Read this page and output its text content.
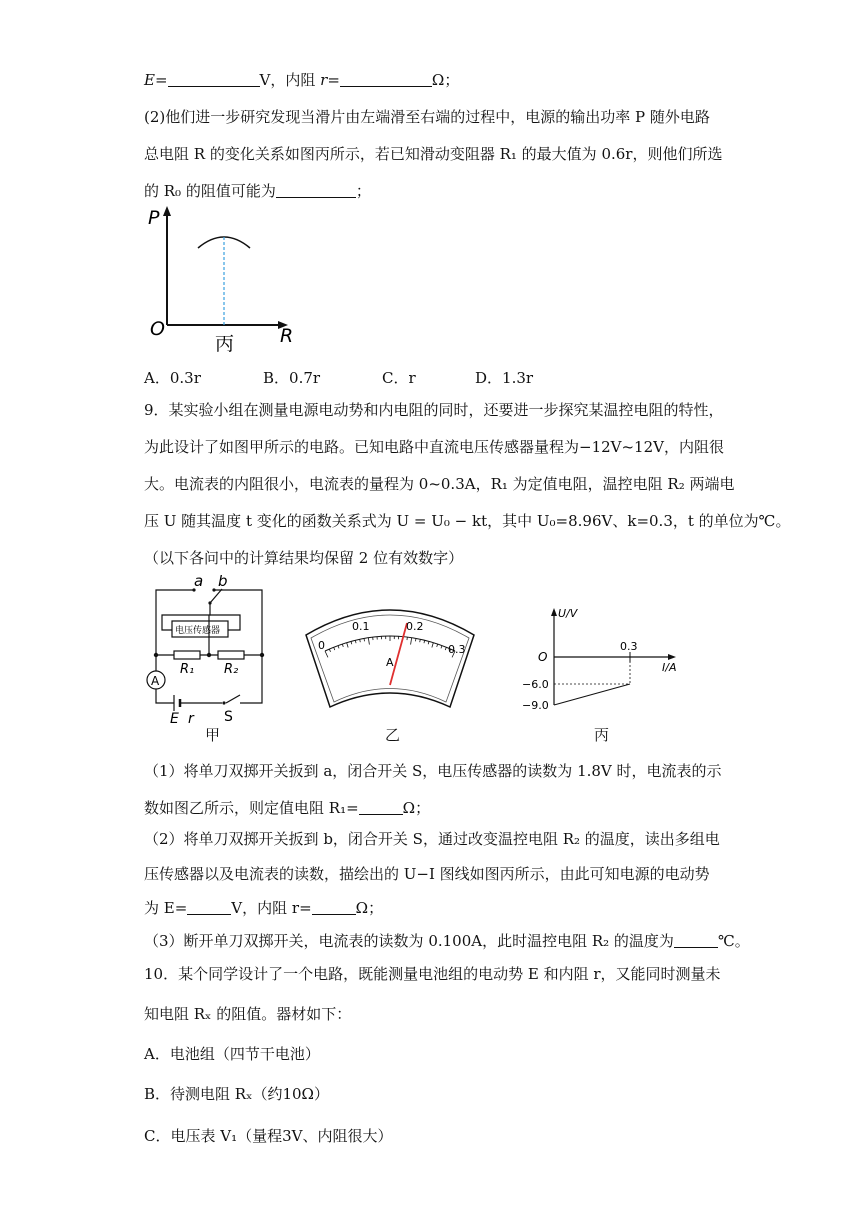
E=	V，内阻 r=	Ω；
(2)他们进一步研究发现当滑片由左端滑至右端的过程中，电源的输出功率 P 随外电路
总电阻 R 的变化关系如图丙所示，若已知滑动变阻器 R₁ 的最大值为 0.6r，则他们所选
的 R₀ 的阻值可能为	；
P
O	R
丙
A．0.3r	B．0.7r	C．r	D．1.3r
9．某实验小组在测量电源电动势和内电阻的同时，还要进一步探究某温控电阻的特性，
为此设计了如图甲所示的电路。已知电路中直流电压传感器量程为−12V~12V，内阻很
大。电流表的内阻很小，电流表的量程为 0~0.3A，R₁ 为定值电阻，温控电阻 R₂ 两端电
压 U 随其温度 t 变化的函数关系式为 U = U₀ − kt，其中 U₀=8.96V、k=0.3，t 的单位为℃。
（以下各问中的计算结果均保留 2 位有效数字）
a b
电压传感器
R₁ R₂
A
E r S
甲
0
0.1	0.2
0.3
A
乙
U/V
I/A
O
0.3
−6.0
−9.0
丙
（1）将单刀双掷开关扳到 a，闭合开关 S，电压传感器的读数为 1.8V 时，电流表的示
数如图乙所示，则定值电阻 R₁=	Ω；
（2）将单刀双掷开关扳到 b，闭合开关 S，通过改变温控电阻 R₂ 的温度，读出多组电
压传感器以及电流表的读数，描绘出的 U−I 图线如图丙所示，由此可知电源的电动势
为 E=	V，内阻 r=	Ω；
（3）断开单刀双掷开关，电流表的读数为 0.100A，此时温控电阻 R₂ 的温度为	℃。
10．某个同学设计了一个电路，既能测量电池组的电动势 E 和内阻 r，又能同时测量未
知电阻 Rₓ 的阻值。器材如下：
A．电池组（四节干电池）
B．待测电阻 Rₓ（约10Ω）
C．电压表 V₁（量程3V、内阻很大）
